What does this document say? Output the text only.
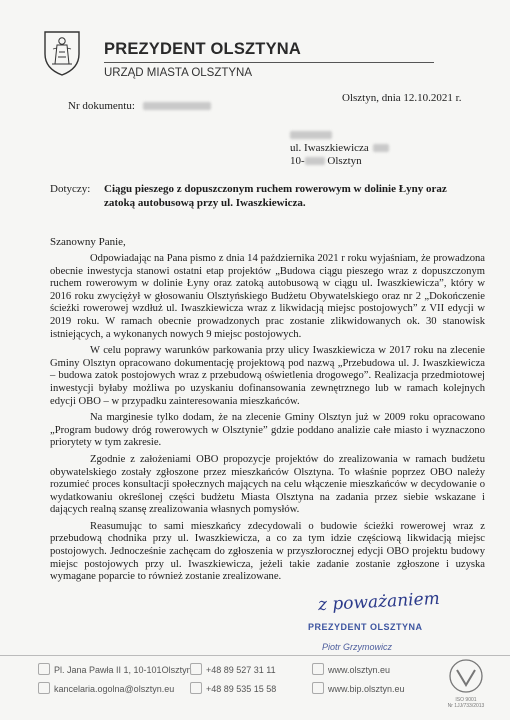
PREZYDENT OLSZTYNA
URZĄD MIASTA OLSZTYNA
Nr dokumentu:
Olsztyn, dnia 12.10.2021 r.
ul. Iwaszkiewicza
10- Olsztyn
Dotyczy: Ciągu pieszego z dopuszczonym ruchem rowerowym w dolinie Łyny oraz zatoką autobusową przy ul. Iwaszkiewicza.
Szanowny Panie,

Odpowiadając na Pana pismo z dnia 14 października 2021 r roku wyjaśniam, że prowadzona obecnie inwestycja stanowi ostatni etap projektów „Budowa ciągu pieszego wraz z dopuszczonym ruchem rowerowym w dolinie Łyny oraz zatoką autobusową w ciągu ul. Iwaszkiewicza”, który w 2016 roku zwyciężył w głosowaniu Olsztyńskiego Budżetu Obywatelskiego oraz nr 2 „Dokończenie ścieżki rowerowej wzdłuż ul. Iwaszkiewicza wraz z likwidacją miejsc postojowych” z VII edycji w 2019 roku. W ramach obecnie prowadzonych prac zostanie zlikwidowanych ok. 30 stanowisk istniejących, a wykonanych nowych 9 miejsc postojowych.

W celu poprawy warunków parkowania przy ulicy Iwaszkiewicza w 2017 roku na zlecenie Gminy Olsztyn opracowano dokumentację projektową pod nazwą „Przebudowa ul. J. Iwaszkiewicza – budowa zatok postojowych wraz z przebudową oświetlenia drogowego”. Realizacja przedmiotowej inwestycji byłaby możliwa po uzyskaniu dofinansowania zewnętrznego lub w ramach kolejnych edycji OBO – w przypadku zainteresowania mieszkańców.

Na marginesie tylko dodam, że na zlecenie Gminy Olsztyn już w 2009 roku opracowano „Program budowy dróg rowerowych w Olsztynie” gdzie poddano analizie całe miasto i wyznaczono priorytety w tym zakresie.

Zgodnie z założeniami OBO propozycje projektów do zrealizowania w ramach budżetu obywatelskiego zostały zgłoszone przez mieszkańców Olsztyna. To właśnie poprzez OBO należy rozumieć proces konsultacji społecznych mających na celu włączenie mieszkańców w decydowanie o wydatkowaniu określonej części budżetu Miasta Olsztyna na zadania przez siebie wskazane i dających realną szansę zrealizowania własnych pomysłów.

Reasumując to sami mieszkańcy zdecydowali o budowie ścieżki rowerowej wraz z przebudową chodnika przy ul. Iwaszkiewicza, a co za tym idzie częściową likwidacją miejsc postojowych. Jednocześnie zachęcam do zgłoszenia w przyszłorocznej edycji OBO projektu budowy miejsc postojowych przy ul. Iwaszkiewicza, jeżeli takie zadanie zostanie zgłoszone i uzyska wymagane poparcie to również zostanie zrealizowane.

z poważaniem
PREZYDENT OLSZTYNA
Piotr Grzymowicz
Pl. Jana Pawła II 1, 10-101Olsztyn
kancelaria.ogolna@olsztyn.eu
+48 89 527 31 11
+48 89 535 15 58
www.olsztyn.eu
www.bip.olsztyn.eu
ISO 9001
Nr 1JJ/733/2013
